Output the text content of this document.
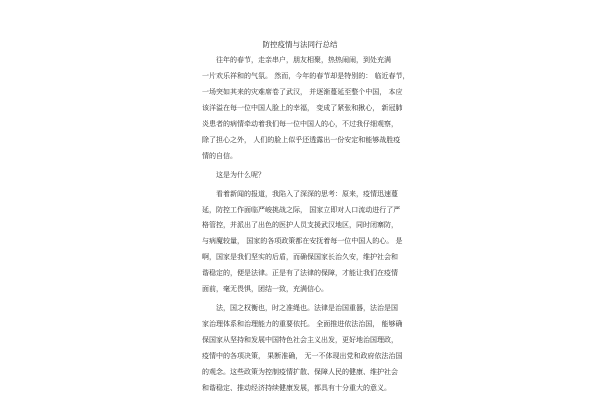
防控疫情与法同行总结
往年的春节，走亲串户，朋友相聚，热热闹闹，到处充满
一片欢乐祥和的气氛。 然而，今年的春节却是特别的： 临近春节，
一场突如其来的灾难席卷了武汉， 并逐渐蔓延至整个中国， 本应
该洋溢在每一位中国人脸上的幸福， 变成了紧张和揪心， 新冠肺
炎患者的病情牵动着我们每一位中国人的心，不过我仔细观察，
除了担心之外， 人们的脸上似乎还透露出一份安定和能够战胜疫
情的自信。
这是为什么呢？
看着新闻的报道，我陷入了深深的思考：原来，疫情迅速蔓
延，防控工作面临严峻挑战之际， 国家立即对人口流动进行了严
格管控，并派出了出色的医护人员支援武汉地区，同时闭寨防，
与病魔较量， 国家的各项政策都在安抚着每一位中国人的心。 是
啊，国家是我们坚实的后盾，而确保国家长治久安，维护社会和
谐稳定的，便是法律。正是有了法律的保障，才能让我们在疫情
面前，毫无畏惧，团结一致，充满信心。
法，国之权衡也，时之准绳也。法律是治国重器，法治是国
家治理体系和治理能力的重要依托。 全面推进依法治国， 能够确
保国家从坚持和发展中国特色社会主义出发，更好地治国理政，
疫情中的各项决策， 果断准确， 无一不体现出党和政府依法治国
的观念。这些政策为控制疫情扩散、保障人民的健康、维护社会
和谐稳定、推动经济持续健康发展，都具有十分重大的意义。
